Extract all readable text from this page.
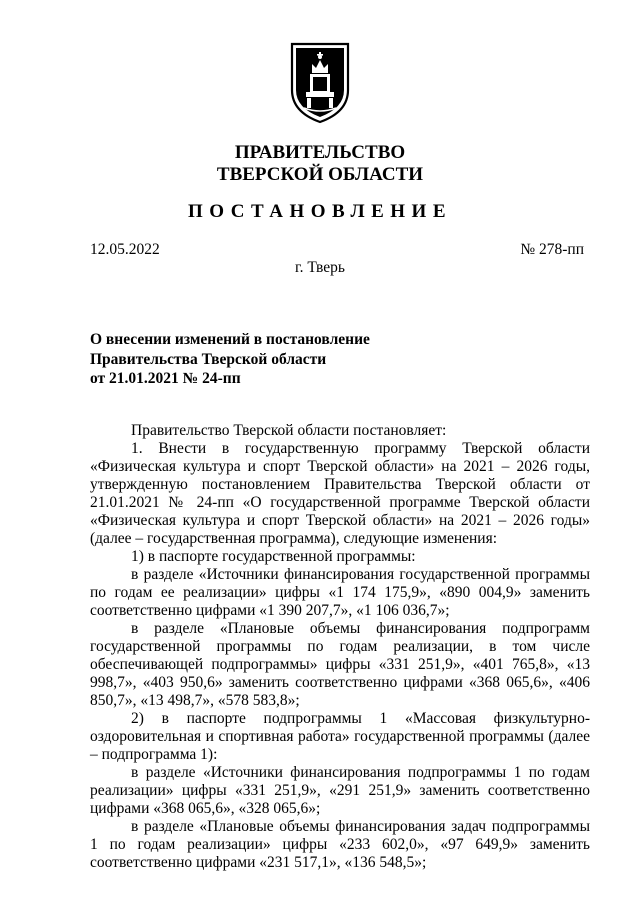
ПРАВИТЕЛЬСТВО
ТВЕРСКОЙ ОБЛАСТИ
ПОСТАНОВЛЕНИЕ
12.05.2022	№ 278-пп
г. Тверь
О внесении изменений в постановление
Правительства Тверской области
от 21.01.2021 № 24-пп

Правительство Тверской области постановляет:

1. Внести в государственную программу Тверской области «Физическая культура и спорт Тверской области» на 2021 – 2026 годы, утвержденную постановлением Правительства Тверской области от 21.01.2021 № 24-пп «О государственной программе Тверской области «Физическая культура и спорт Тверской области» на 2021 – 2026 годы» (далее – государственная программа), следующие изменения:

1) в паспорте государственной программы:

в разделе «Источники финансирования государственной программы по годам ее реализации» цифры «1 174 175,9», «890 004,9» заменить соответственно цифрами «1 390 207,7», «1 106 036,7»;

в разделе «Плановые объемы финансирования подпрограмм государственной программы по годам реализации, в том числе обеспечивающей подпрограммы» цифры «331 251,9», «401 765,8», «13 998,7», «403 950,6» заменить соответственно цифрами «368 065,6», «406 850,7», «13 498,7», «578 583,8»;

2) в паспорте подпрограммы 1 «Массовая физкультурно-оздоровительная и спортивная работа» государственной программы (далее – подпрограмма 1):

в разделе «Источники финансирования подпрограммы 1 по годам реализации» цифры «331 251,9», «291 251,9» заменить соответственно цифрами «368 065,6», «328 065,6»;

в разделе «Плановые объемы финансирования задач подпрограммы 1 по годам реализации» цифры «233 602,0», «97 649,9» заменить соответственно цифрами «231 517,1», «136 548,5»;
